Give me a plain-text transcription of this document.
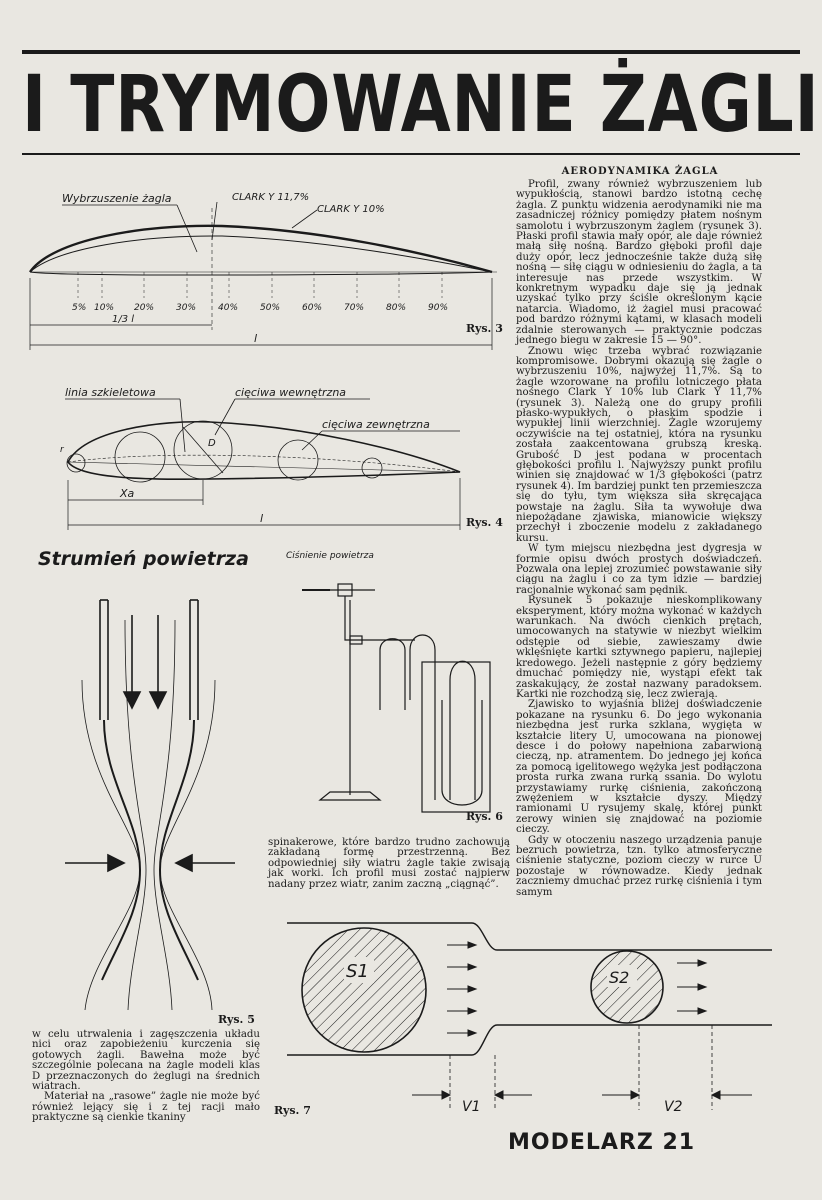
I TRYMOWANIE ŻAGLI
AERODYNAMIKA ŻAGLA

Profil, zwany również wybrzuszeniem lub wypukłością, stanowi bardzo istotną cechę żagla. Z punktu widzenia aerodynamiki nie ma zasadniczej różnicy pomiędzy płatem nośnym samolotu i wybrzuszonym żaglem (rysunek 3). Płaski profil stawia mały opór, ale daje również małą siłę nośną. Bardzo głęboki profil daje duży opór, lecz jednocześnie także dużą siłę nośną — siłę ciągu w odniesieniu do żagla, a ta interesuje nas przede wszystkim. W konkretnym wypadku daje się ją jednak uzyskać tylko przy ściśle określonym kącie natarcia. Wiadomo, iż żagiel musi pracować pod bardzo różnymi kątami, w klasach modeli zdalnie sterowanych — praktycznie podczas jednego biegu w zakresie 15 — 90°.

Znowu więc trzeba wybrać rozwiązanie kompromisowe. Dobrymi okazują się żagle o wybrzuszeniu 10%, najwyżej 11,7%. Są to żagle wzorowane na profilu lotniczego płata nośnego Clark Y 10% lub Clark Y 11,7% (rysunek 3). Należą one do grupy profili płasko-wypukłych, o płaskim spodzie i wypukłej linii wierzchniej. Żagle wzorujemy oczywiście na tej ostatniej, która na rysunku została zaakcentowana grubszą kreską. Grubość D jest podana w procentach głębokości profilu l. Najwyższy punkt profilu winien się znajdować w 1/3 głębokości (patrz rysunek 4). Im bardziej punkt ten przemieszcza się do tyłu, tym większa siła skręcająca powstaje na żaglu. Siła ta wywołuje dwa niepożądane zjawiska, mianowicie większy przechył i zboczenie modelu z zakładanego kursu.

W tym miejscu niezbędna jest dygresja w formie opisu dwóch prostych doświadczeń. Pozwala ona lepiej zrozumieć powstawanie siły ciągu na żaglu i co za tym idzie — bardziej racjonalnie wykonać sam pędnik.

Rysunek 5 pokazuje nieskomplikowany eksperyment, który można wykonać w każdych warunkach. Na dwóch cienkich prętach, umocowanych na statywie w niezbyt wielkim odstępie od siebie, zawieszamy dwie wklęśnięte kartki sztywnego papieru, najlepiej kredowego. Jeżeli następnie z góry będziemy dmuchać pomiędzy nie, wystąpi efekt tak zaskakujący, że został nazwany paradoksem. Kartki nie rozchodzą się, lecz zwierają.

Zjawisko to wyjaśnia bliżej doświadczenie pokazane na rysunku 6. Do jego wykonania niezbędna jest rurka szklana, wygięta w kształcie litery U, umocowana na pionowej desce i do połowy napełniona zabarwioną cieczą, np. atramentem. Do jednego jej końca za pomocą igelitowego wężyka jest podłączona prosta rurka zwana rurką ssania. Do wylotu przystawiamy rurkę ciśnienia, zakończoną zwężeniem w kształcie dyszy. Między ramionami U rysujemy skalę, której punkt zerowy winien się znajdować na poziomie cieczy.

Gdy w otoczeniu naszego urządzenia panuje bezruch powietrza, tzn. tylko atmosferyczne ciśnienie statyczne, poziom cieczy w rurce U pozostaje w równowadze. Kiedy jednak zaczniemy dmuchać przez rurkę ciśnienia i tym samym

Wybrzuszenie żagla	CLARK Y 11,7%
CLARK Y 10%
5% 10% 20% 30% 40% 50% 60% 70% 80% 90%
1/3 l
l
Rys. 3
linia szkieletowa	cięciwa wewnętrzna
cięciwa zewnętrzna
r
D
Xa
l	Rys. 4
Strumień powietrza
Rys. 5
Ciśnienie powietrza
Rys. 6

spinakerowe, które bardzo trudno zachowują zakładaną formę przestrzenną. Bez odpowiedniej siły wiatru żagle takie zwisają jak worki. Ich profil musi zostać najpierw nadany przez wiatr, zanim zaczną „ciągnąć”.

w celu utrwalenia i zagęszczenia układu nici oraz zapobieżeniu kurczenia się gotowych żagli. Bawełna może być szczególnie polecana na żagle modeli klas D przeznaczonych do żeglugi na średnich wiatrach.

Materiał na „rasowe” żagle nie może być również lejący się i z tej racji mało praktyczne są cienkie tkaniny

S1	S2
V1	V2
Rys. 7
MODELARZ 21
